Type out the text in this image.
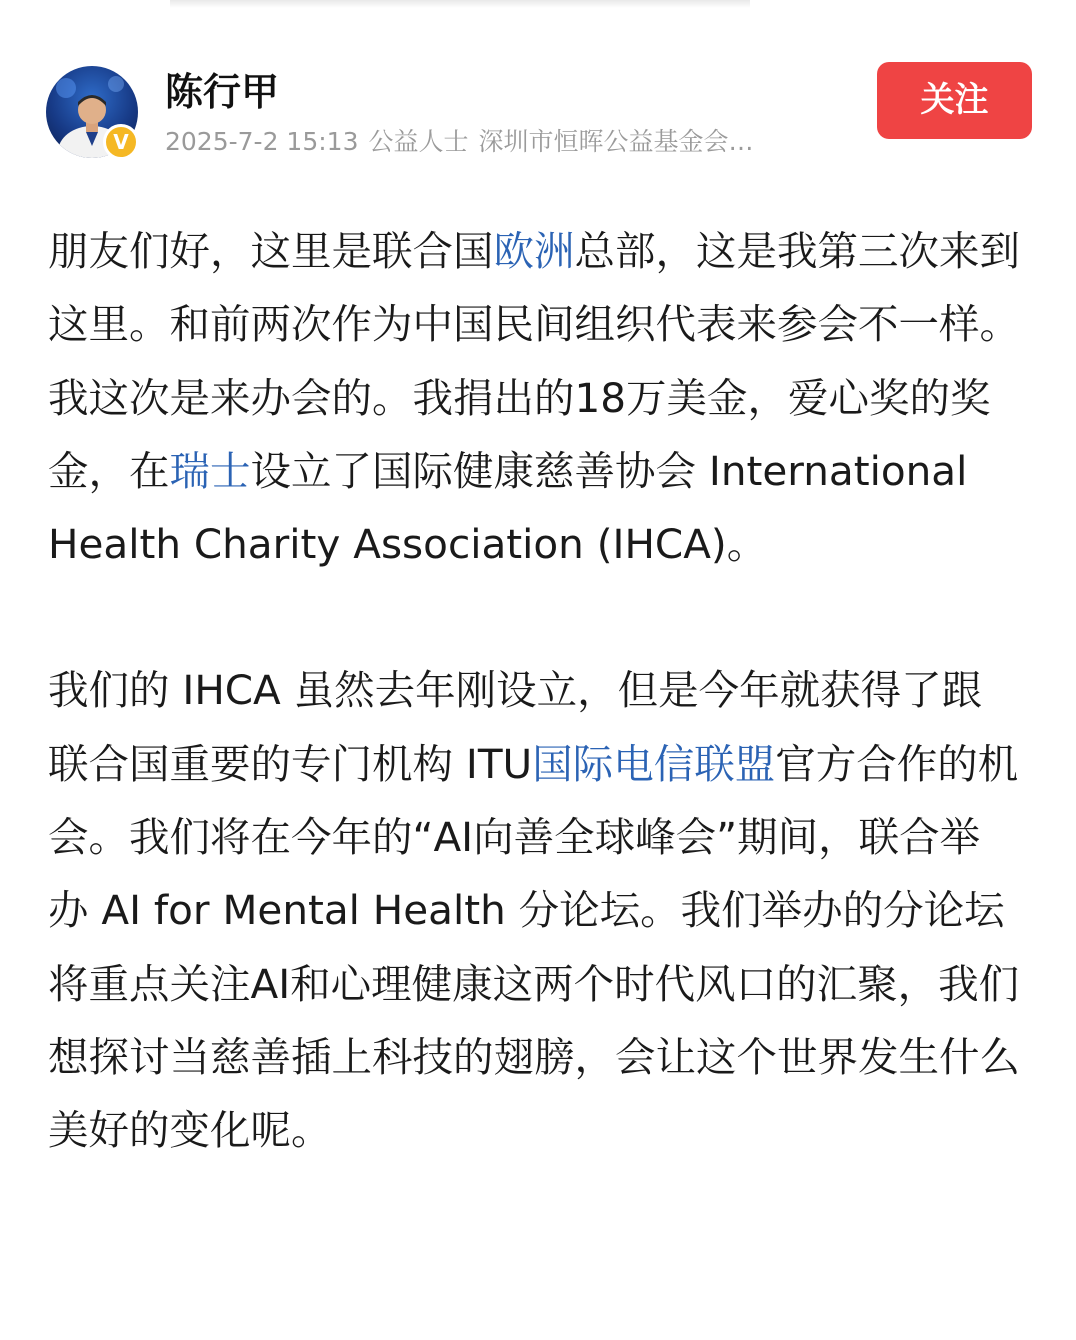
V
陈行甲
2025-7-2 15:13 公益人士 深圳市恒晖公益基金会…
关注

朋友们好，这里是联合国欧洲总部，这是我第三次来到这里。和前两次作为中国民间组织代表来参会不一样。我这次是来办会的。我捐出的18万美金，爱心奖的奖金，在瑞士设立了国际健康慈善协会 International Health Charity Association (IHCA)。

我们的 IHCA 虽然去年刚设立，但是今年就获得了跟联合国重要的专门机构 ITU国际电信联盟官方合作的机会。我们将在今年的“AI向善全球峰会”期间，联合举办 AI for Mental Health 分论坛。我们举办的分论坛将重点关注AI和心理健康这两个时代风口的汇聚，我们想探讨当慈善插上科技的翅膀，会让这个世界发生什么美好的变化呢。
